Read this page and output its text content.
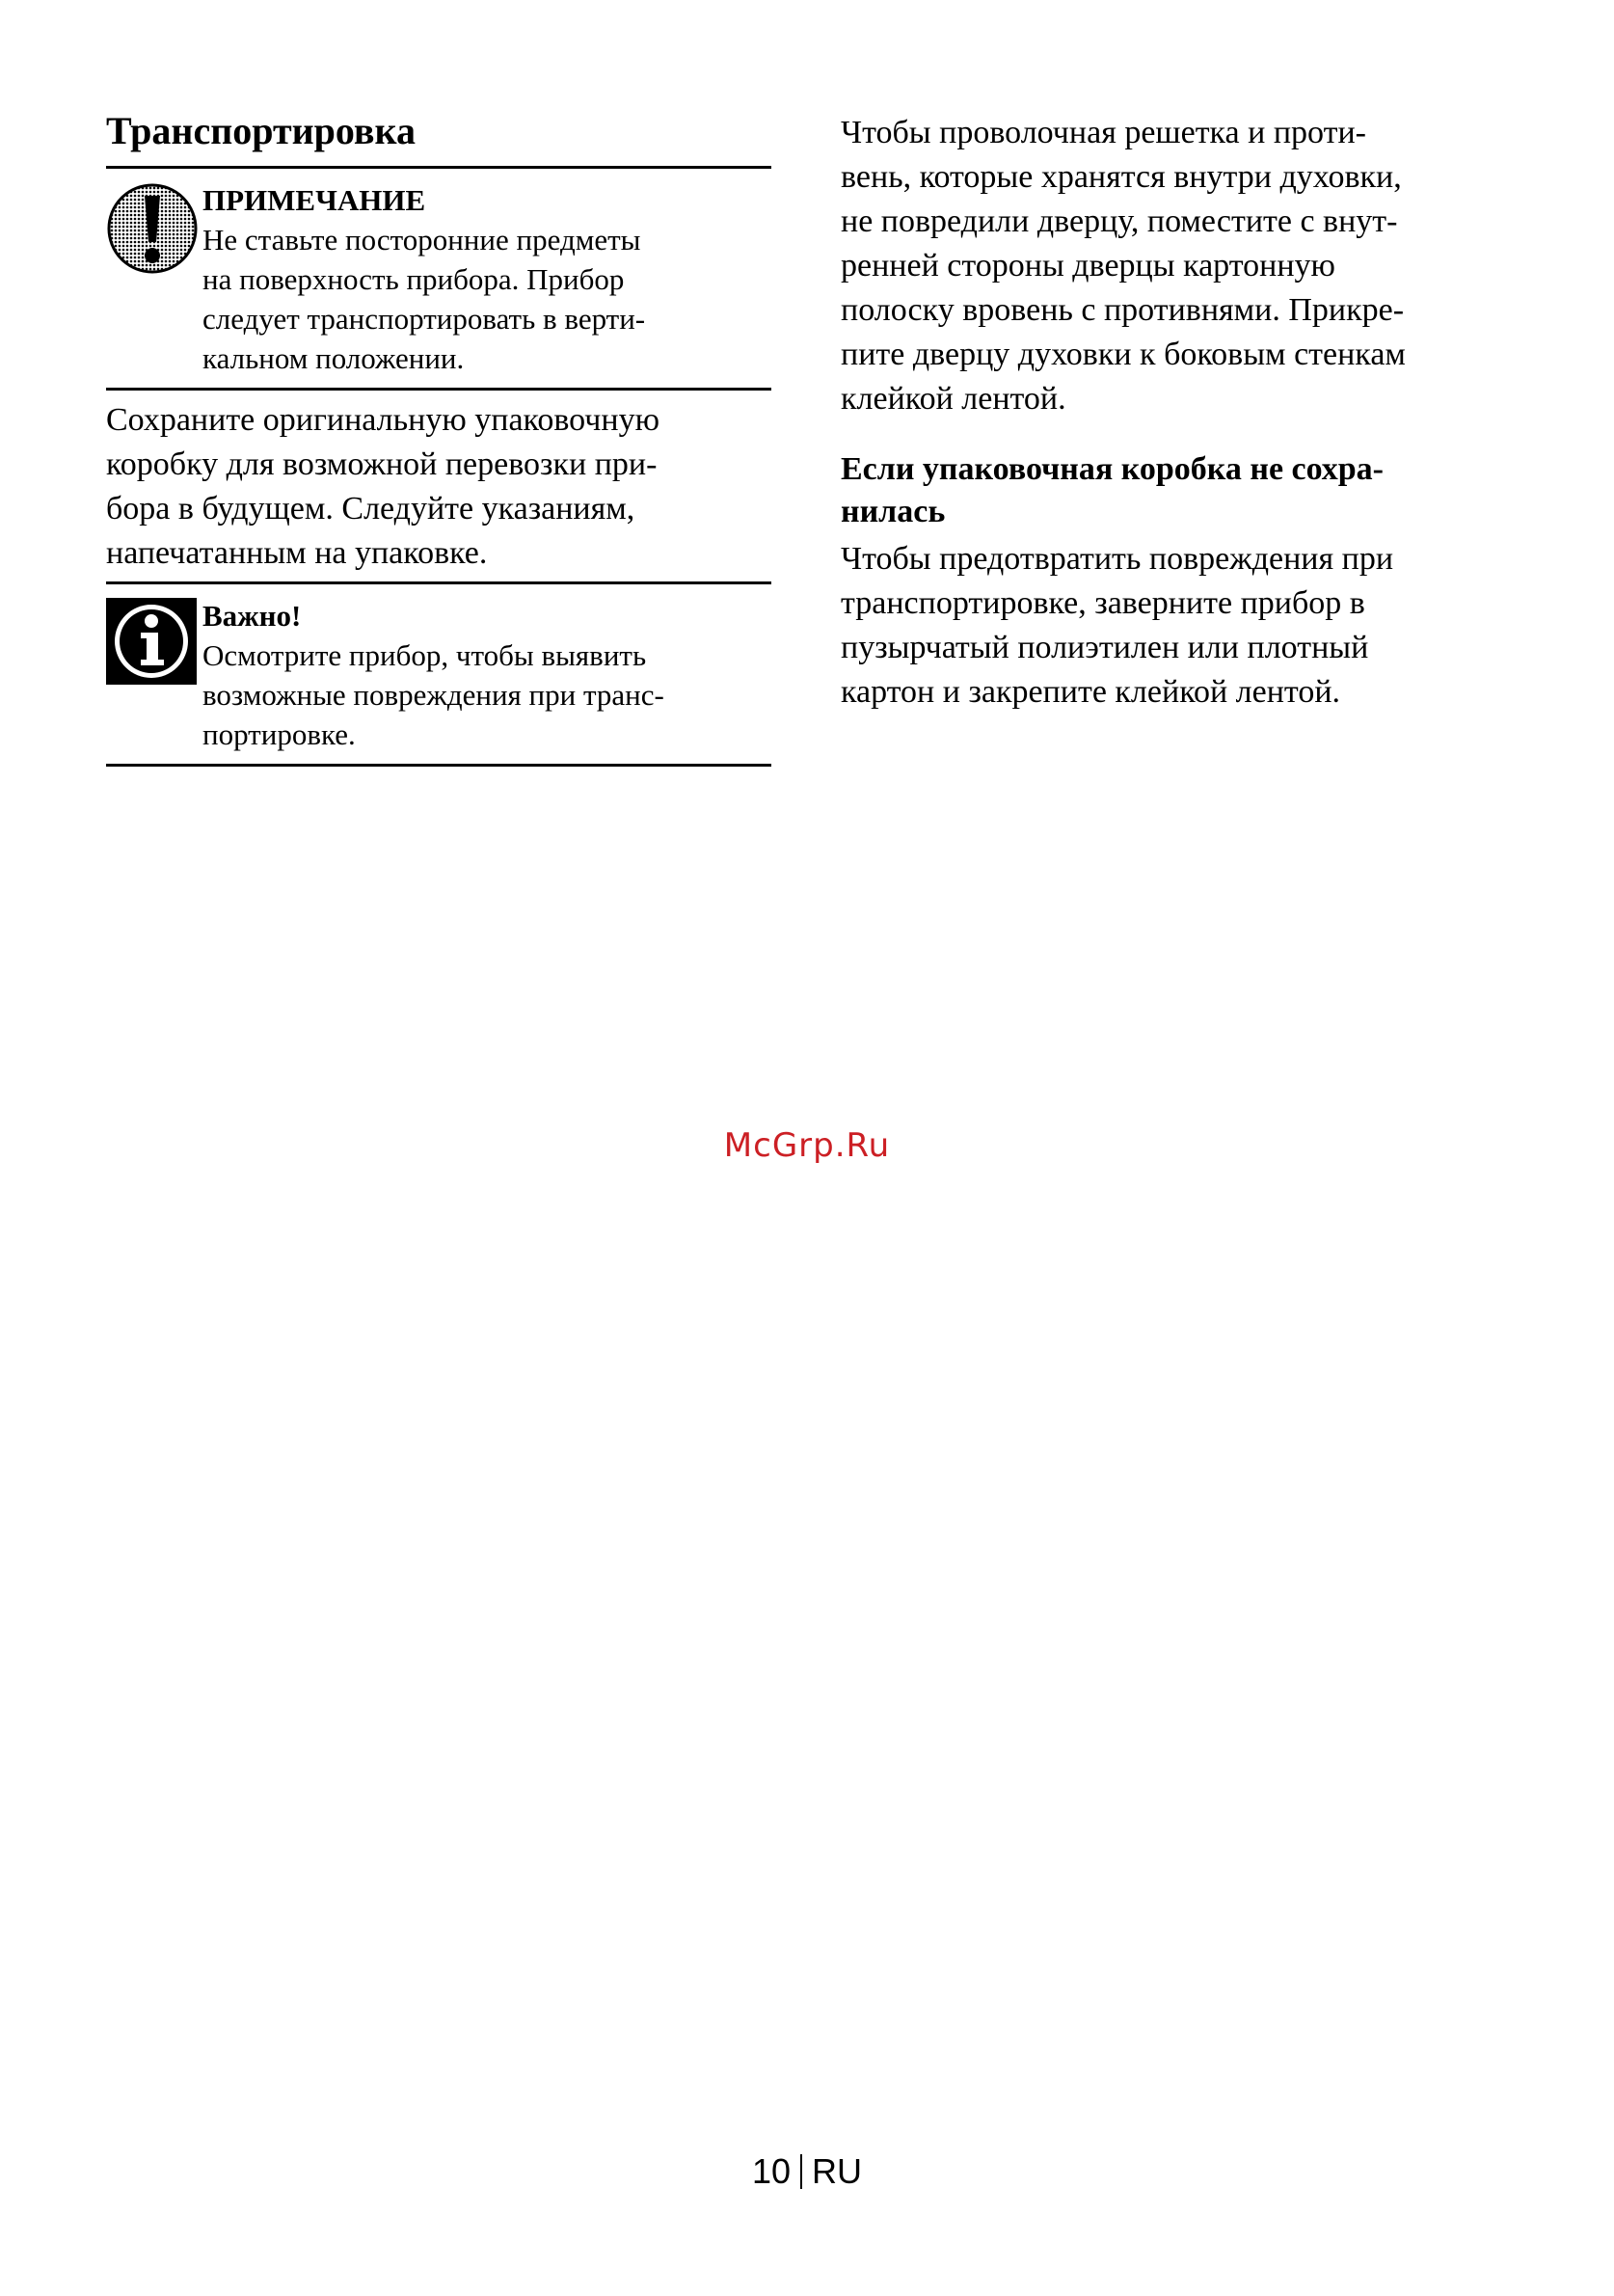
Транспортировка
ПРИМЕЧАНИЕ
Не ставьте посторонние предметы
на поверхность прибора. Прибор
следует транспортировать в верти-
кальном положении.
Сохраните оригинальную упаковочную
коробку для возможной перевозки при-
бора в будущем. Следуйте указаниям,
напечатанным на упаковке.
Важно!
Осмотрите прибор, чтобы выявить
возможные повреждения при транс-
портировке.
Чтобы проволочная решетка и проти-
вень, которые хранятся внутри духовки,
не повредили дверцу, поместите с внут-
ренней стороны дверцы картонную
полоску вровень с противнями. Прикре-
пите дверцу духовки к боковым стенкам
клейкой лентой.
Если упаковочная коробка не сохра-
нилась
Чтобы предотвратить повреждения при
транспортировке, заверните прибор в
пузырчатый полиэтилен или плотный
картон и закрепите клейкой лентой.
McGrp.Ru
10 RU
